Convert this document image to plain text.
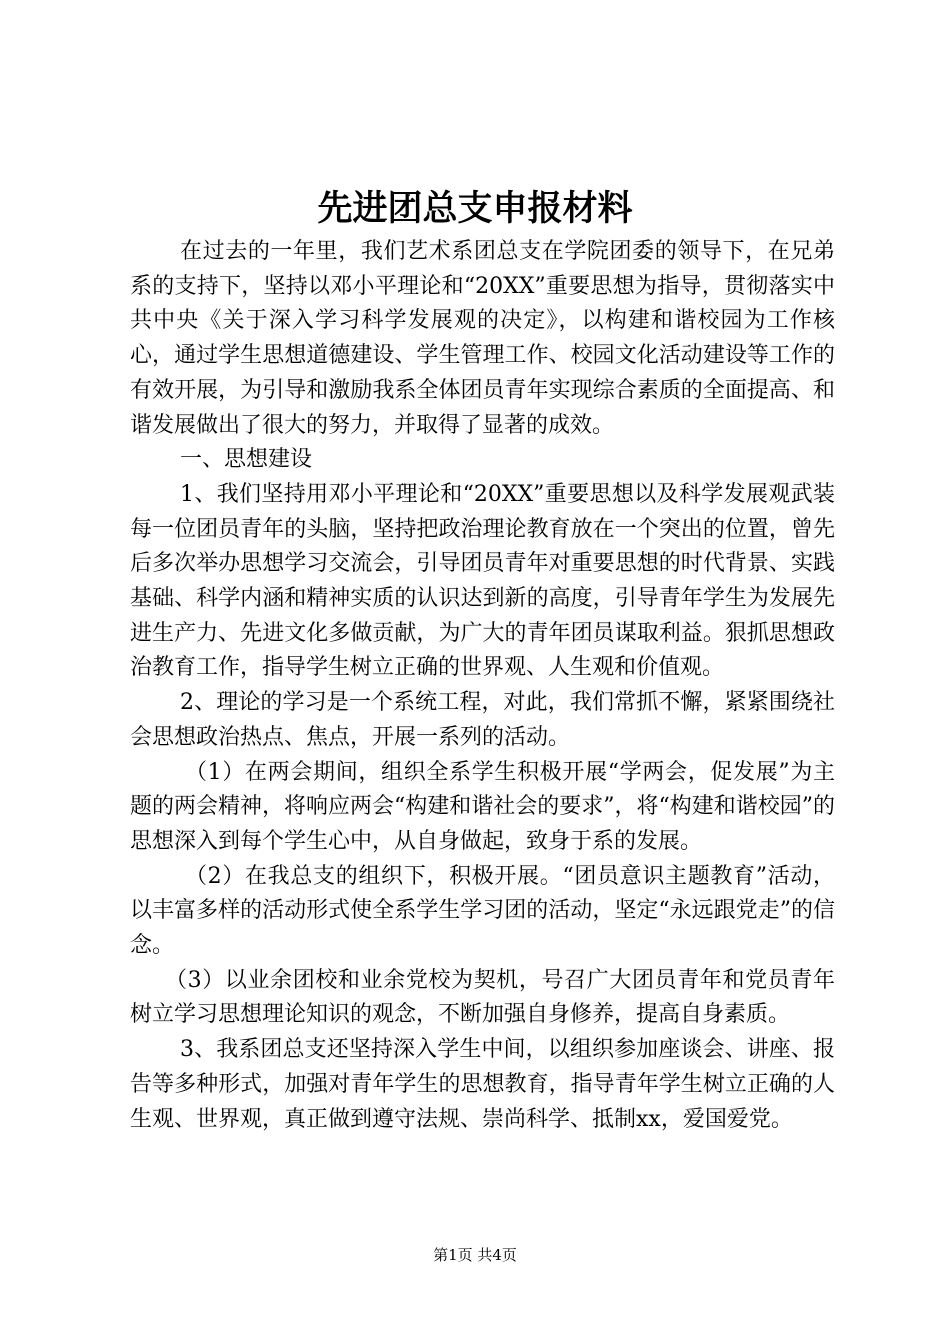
先进团总支申报材料

在过去的一年里，我们艺术系团总支在学院团委的领导下，在兄弟系的支持下，坚持以邓小平理论和“20XX”重要思想为指导，贯彻落实中共中央《关于深入学习科学发展观的决定》，以构建和谐校园为工作核心，通过学生思想道德建设、学生管理工作、校园文化活动建设等工作的有效开展，为引导和激励我系全体团员青年实现综合素质的全面提高、和谐发展做出了很大的努力，并取得了显著的成效。

一、思想建设

1、我们坚持用邓小平理论和“20XX”重要思想以及科学发展观武装每一位团员青年的头脑，坚持把政治理论教育放在一个突出的位置，曾先后多次举办思想学习交流会，引导团员青年对重要思想的时代背景、实践基础、科学内涵和精神实质的认识达到新的高度，引导青年学生为发展先进生产力、先进文化多做贡献，为广大的青年团员谋取利益。狠抓思想政治教育工作，指导学生树立正确的世界观、人生观和价值观。

2、理论的学习是一个系统工程，对此，我们常抓不懈，紧紧围绕社会思想政治热点、焦点，开展一系列的活动。

（1）在两会期间，组织全系学生积极开展“学两会，促发展”为主题的两会精神，将响应两会“构建和谐社会的要求”，将“构建和谐校园”的思想深入到每个学生心中，从自身做起，致身于系的发展。

（2）在我总支的组织下，积极开展。“团员意识主题教育”活动，以丰富多样的活动形式使全系学生学习团的活动，坚定“永远跟党走”的信念。

（3）以业余团校和业余党校为契机，号召广大团员青年和党员青年树立学习思想理论知识的观念，不断加强自身修养，提高自身素质。

3、我系团总支还坚持深入学生中间，以组织参加座谈会、讲座、报告等多种形式，加强对青年学生的思想教育，指导青年学生树立正确的人生观、世界观，真正做到遵守法规、崇尚科学、抵制xx，爱国爱党。

第1页 共4页
